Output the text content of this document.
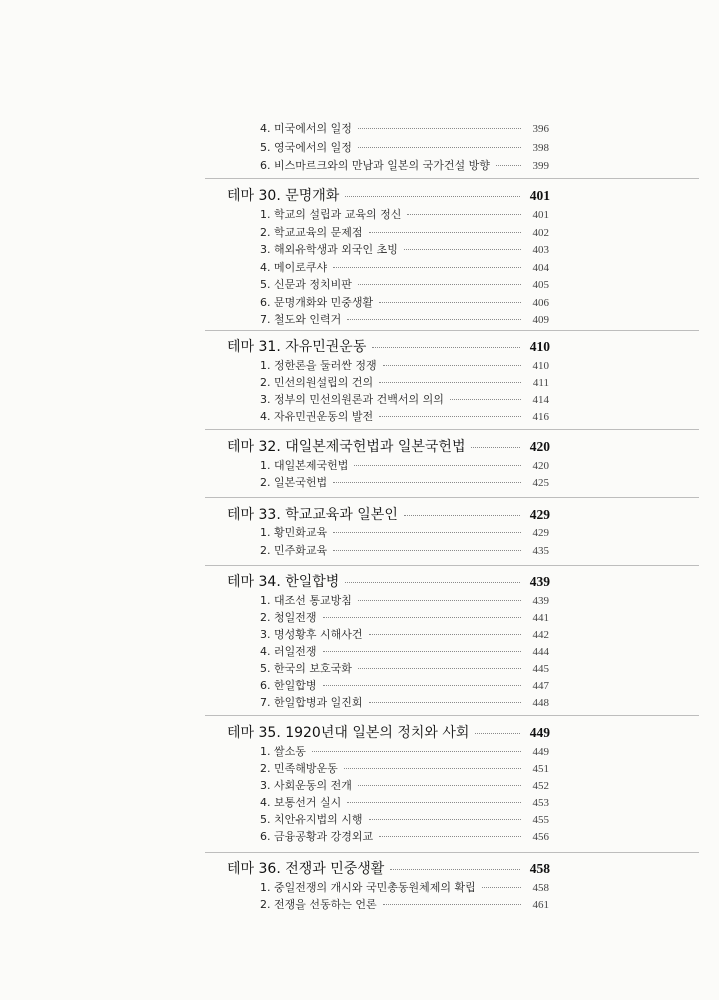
4. 미국에서의 일정	396
5. 영국에서의 일정	398
6. 비스마르크와의 만남과 일본의 국가건설 방향	399
테마 30. 문명개화	401
1. 학교의 설립과 교육의 정신	401
2. 학교교육의 문제점	402
3. 해외유학생과 외국인 초빙	403
4. 메이로쿠샤	404
5. 신문과 정치비판	405
6. 문명개화와 민중생활	406
7. 철도와 인력거	409
테마 31. 자유민권운동	410
1. 정한론을 둘러싼 정쟁	410
2. 민선의원설립의 건의	411
3. 정부의 민선의원론과 건백서의 의의	414
4. 자유민권운동의 발전	416
테마 32. 대일본제국헌법과 일본국헌법	420
1. 대일본제국헌법	420
2. 일본국헌법	425
테마 33. 학교교육과 일본인	429
1. 황민화교육	429
2. 민주화교육	435
테마 34. 한일합병	439
1. 대조선 통교방침	439
2. 청일전쟁	441
3. 명성황후 시해사건	442
4. 러일전쟁	444
5. 한국의 보호국화	445
6. 한일합병	447
7. 한일합병과 일진회	448
테마 35. 1920년대 일본의 정치와 사회	449
1. 쌀소동	449
2. 민족해방운동	451
3. 사회운동의 전개	452
4. 보통선거 실시	453
5. 치안유지법의 시행	455
6. 금융공황과 강경외교	456
테마 36. 전쟁과 민중생활	458
1. 중일전쟁의 개시와 국민총동원체제의 확립	458
2. 전쟁을 선동하는 언론	461
